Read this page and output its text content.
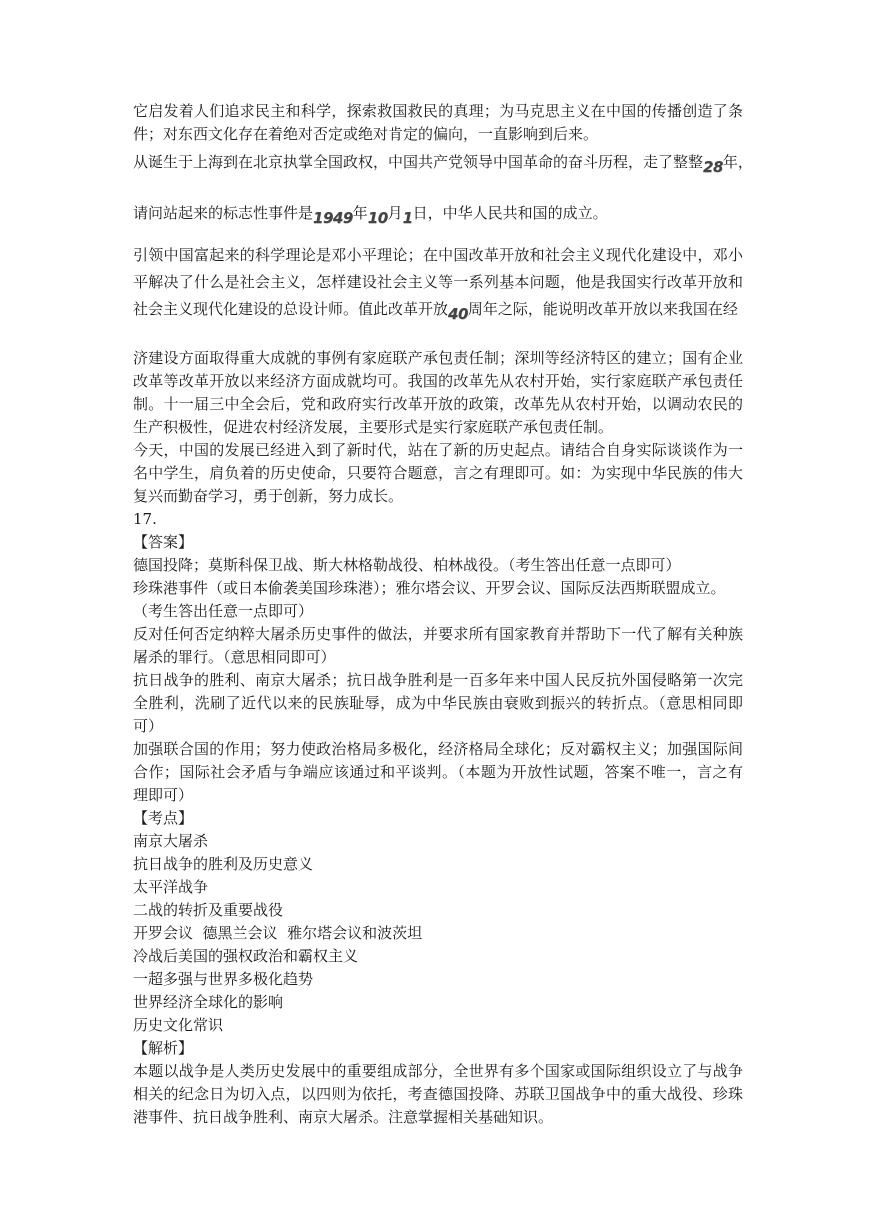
它启发着人们追求民主和科学，探索救国救民的真理；为马克思主义在中国的传播创造了条
件；对东西文化存在着绝对否定或绝对肯定的偏向，一直影响到后来。
从诞生于上海到在北京执掌全国政权，中国共产党领导中国革命的奋斗历程，走了整整28年，
请问站起来的标志性事件是1949年10月1日，中华人民共和国的成立。
引领中国富起来的科学理论是邓小平理论；在中国改革开放和社会主义现代化建设中，邓小
平解决了什么是社会主义，怎样建设社会主义等一系列基本问题，他是我国实行改革开放和
社会主义现代化建设的总设计师。值此改革开放40周年之际，能说明改革开放以来我国在经
济建设方面取得重大成就的事例有家庭联产承包责任制；深圳等经济特区的建立；国有企业
改革等改革开放以来经济方面成就均可。我国的改革先从农村开始，实行家庭联产承包责任
制。十一届三中全会后，党和政府实行改革开放的政策，改革先从农村开始，以调动农民的
生产积极性，促进农村经济发展，主要形式是实行家庭联产承包责任制。
今天，中国的发展已经进入到了新时代，站在了新的历史起点。请结合自身实际谈谈作为一
名中学生，肩负着的历史使命，只要符合题意，言之有理即可。如：为实现中华民族的伟大
复兴而勤奋学习，勇于创新，努力成长。
17.
【答案】
德国投降；莫斯科保卫战、斯大林格勒战役、柏林战役。（考生答出任意一点即可）
珍珠港事件（或日本偷袭美国珍珠港）；雅尔塔会议、开罗会议、国际反法西斯联盟成立。
（考生答出任意一点即可）
反对任何否定纳粹大屠杀历史事件的做法，并要求所有国家教育并帮助下一代了解有关种族
屠杀的罪行。（意思相同即可）
抗日战争的胜利、南京大屠杀；抗日战争胜利是一百多年来中国人民反抗外国侵略第一次完
全胜利，洗刷了近代以来的民族耻辱，成为中华民族由衰败到振兴的转折点。（意思相同即
可）
加强联合国的作用；努力使政治格局多极化，经济格局全球化；反对霸权主义；加强国际间
合作；国际社会矛盾与争端应该通过和平谈判。（本题为开放性试题，答案不唯一，言之有
理即可）
【考点】
南京大屠杀
抗日战争的胜利及历史意义
太平洋战争
二战的转折及重要战役
开罗会议  德黑兰会议  雅尔塔会议和波茨坦
冷战后美国的强权政治和霸权主义
一超多强与世界多极化趋势
世界经济全球化的影响
历史文化常识
【解析】
本题以战争是人类历史发展中的重要组成部分，全世界有多个国家或国际组织设立了与战争
相关的纪念日为切入点，以四则为依托，考查德国投降、苏联卫国战争中的重大战役、珍珠
港事件、抗日战争胜利、南京大屠杀。注意掌握相关基础知识。
